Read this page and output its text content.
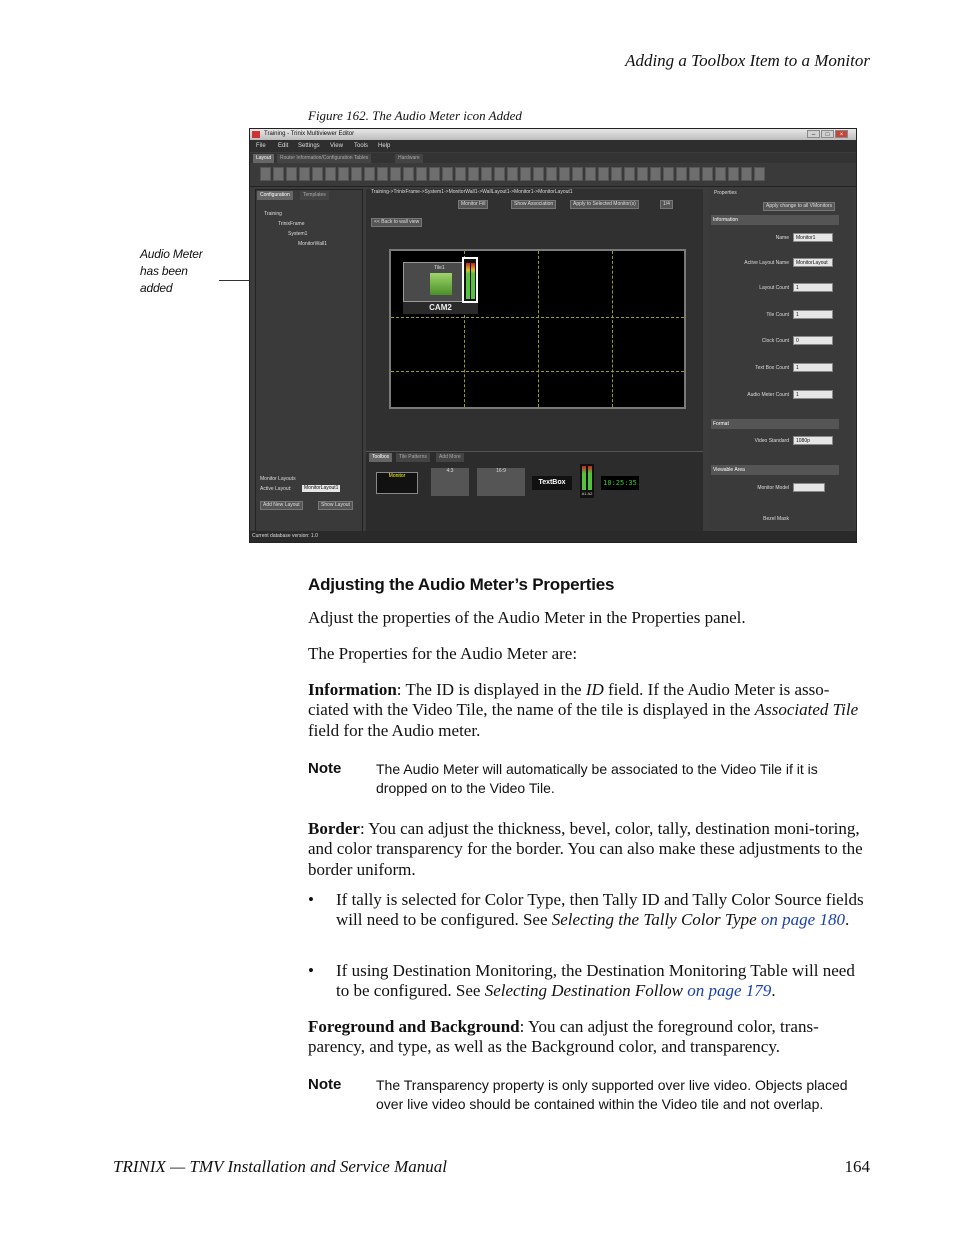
Adding a Toolbox Item to a Monitor
Figure 162. The Audio Meter icon Added
Audio Meter
has been
added
Training - Trinix Multiviewer Editor	–	□	×
File Edit Settings View Tools Help
Layout	Router Information/Configuration Tables	Hardware
Configuration	Templates
Training
TrinixFrame
System1
MonitorWall1
Monitor Layouts
Active Layout:	MonitorLayout1
Add New Layout	Show Layout
Training->TrinixFrame->System1->MonitorWall1->WallLayout1->Monitor1->MonitorLayout1
Monitor Fill	Show Association	Apply to Selected Monitor(s)	1/4
<< Back to wall view
Tile1
CAM2
Toolbox	Tile Patterns	Add More
Monitor
4:3	16:9
TextBox
A1 A2
10:25:35
Properties
Apply change to all VMonitors
Information
Name	Monitor1
Active Layout Name	MonitorLayout
Layout Count	1
Tile Count	1
Clock Count	0
Text Box Count	1
Audio Meter Count	1
Format
Video Standard	1080p
Viewable Area
Monitor Model
Bezel Mask
Current database version: 1.0
Adjusting the Audio Meter’s Properties
Adjust the properties of the Audio Meter in the Properties panel.
The Properties for the Audio Meter are:
Information: The ID is displayed in the ID field. If the Audio Meter is asso-ciated with the Video Tile, the name of the tile is displayed in the Associated Tile field for the Audio meter.
Note The Audio Meter will automatically be associated to the Video Tile if it is dropped on to the Video Tile.
Border: You can adjust the thickness, bevel, color, tally, destination moni-toring, and color transparency for the border. You can also make these adjustments to the border uniform.
• If tally is selected for Color Type, then Tally ID and Tally Color Source fields will need to be configured. See Selecting the Tally Color Type on page 180.
• If using Destination Monitoring, the Destination Monitoring Table will need to be configured. See Selecting Destination Follow on page 179.
Foreground and Background: You can adjust the foreground color, trans-parency, and type, as well as the Background color, and transparency.
Note The Transparency property is only supported over live video. Objects placed over live video should be contained within the Video tile and not overlap.
TRINIX — TMV Installation and Service Manual	164
